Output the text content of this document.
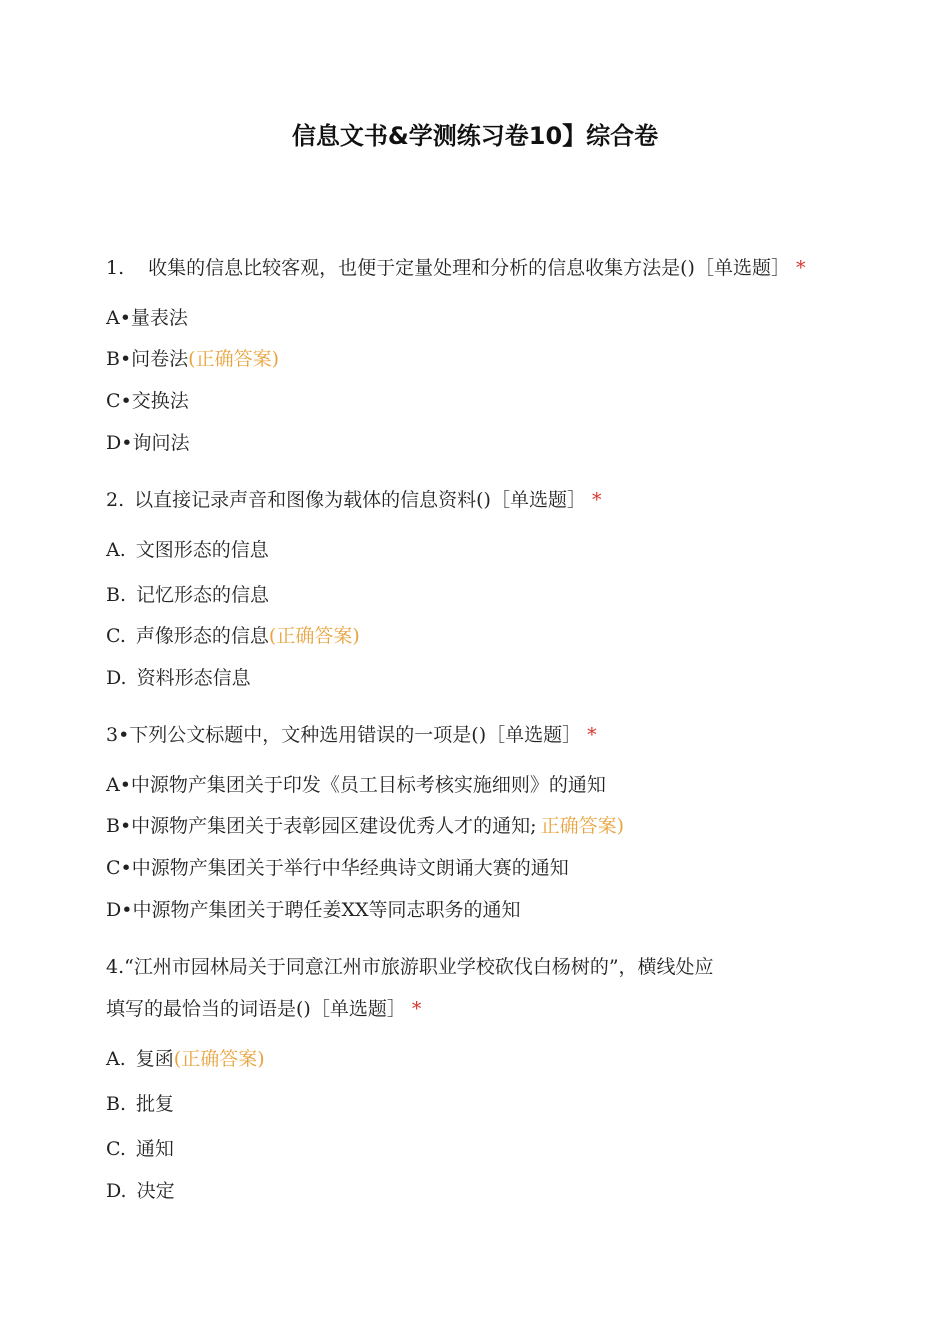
信息文书&学测练习卷10】综合卷
1. 收集的信息比较客观，也便于定量处理和分析的信息收集方法是()［单选题］ *
A•量表法
B•问卷法(正确答案)
C•交换法
D•询问法
2. 以直接记录声音和图像为载体的信息资料()［单选题］ *
A. 文图形态的信息
B. 记忆形态的信息
C. 声像形态的信息(正确答案)
D. 资料形态信息
3•下列公文标题中，文种选用错误的一项是()［单选题］ *
A•中源物产集团关于印发《员工目标考核实施细则》的通知
B•中源物产集团关于表彰园区建设优秀人才的通知; 正确答案)
C•中源物产集团关于举行中华经典诗文朗诵大赛的通知
D•中源物产集团关于聘任姜XX等同志职务的通知
4.“江州市园林局关于同意江州市旅游职业学校砍伐白杨树的”，横线处应
填写的最恰当的词语是()［单选题］ *
A. 复函(正确答案)
B. 批复
C. 通知
D. 决定
